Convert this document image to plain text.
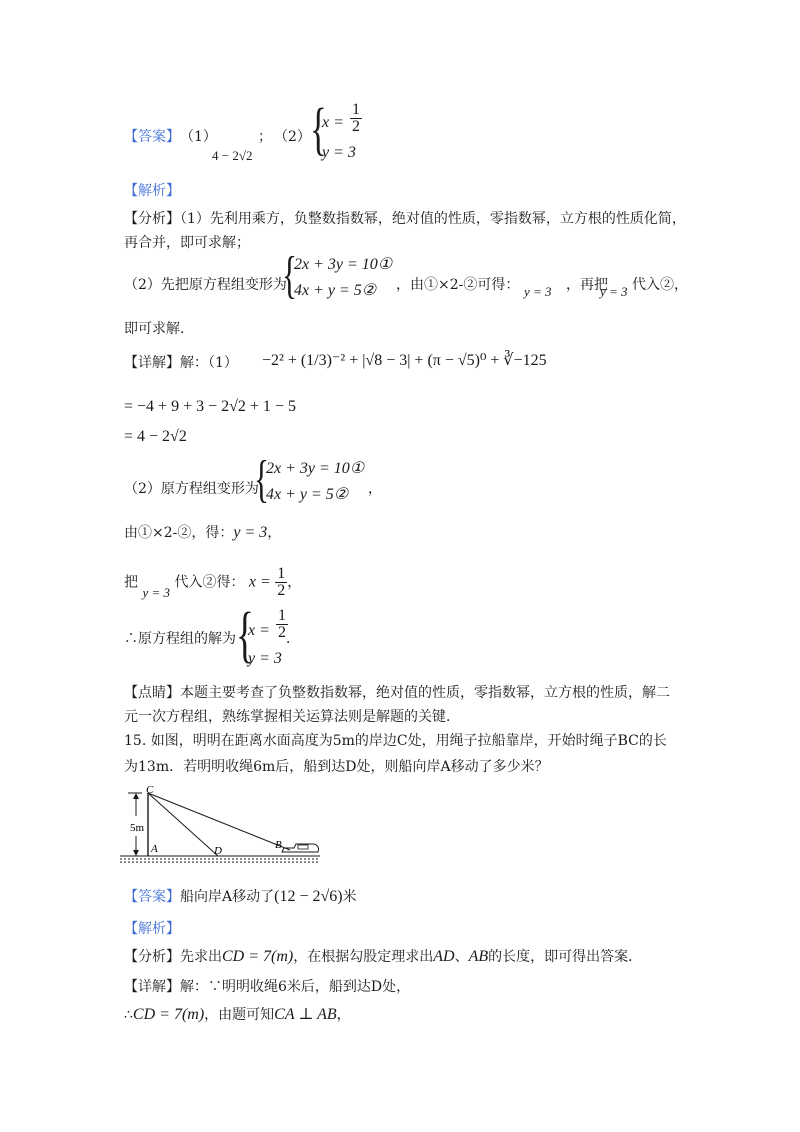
【答案】 （1）
4 − 2√2
； （2） {
$x = \frac{1}{2}$
y = 3
【解析】
【分析】（1）先利用乘方，负整数指数幂，绝对值的性质，零指数幂，立方根的性质化简，
再合并，即可求解；
（2）先把原方程组变形为
{
2x + 3y = 10①
4x + y = 5② ，由①×2-②可得： y = 3 ，再把
y = 3 代入②，
即可求解．
【详解】解：（1） −2² + (1/3)⁻² + |√8 − 3| + (π − √5)⁰ + ∛−125
= −4 + 9 + 3 − 2√2 + 1 − 5
= 4 − 2√2
（2）原方程组变形为
{
2x + 3y = 10①
4x + y = 5② ，
由①×2-②，得：y = 3，
把 y = 3 代入②得： $x = \frac{1}{2}$ ，
∴原方程组的解为 {
$x = \frac{1}{2}$
y = 3
．
【点睛】本题主要考查了负整数指数幂，绝对值的性质，零指数幂，立方根的性质，解二
元一次方程组，熟练掌握相关运算法则是解题的关键．
15. 如图，明明在距离水面高度为5m的岸边C处，用绳子拉船靠岸，开始时绳子BC的长
为13m．若明明收绳6m后，船到达D处，则船向岸A移动了多少米？
5m
C
A	D	B
【答案】船向岸A移动了(12 − 2√6)米
【解析】
【分析】先求出CD = 7(m)，在根据勾股定理求出AD、AB的长度，即可得出答案．
【详解】解：∵明明收绳6米后，船到达D处，
∴CD = 7(m)，由题可知CA ⊥ AB，
